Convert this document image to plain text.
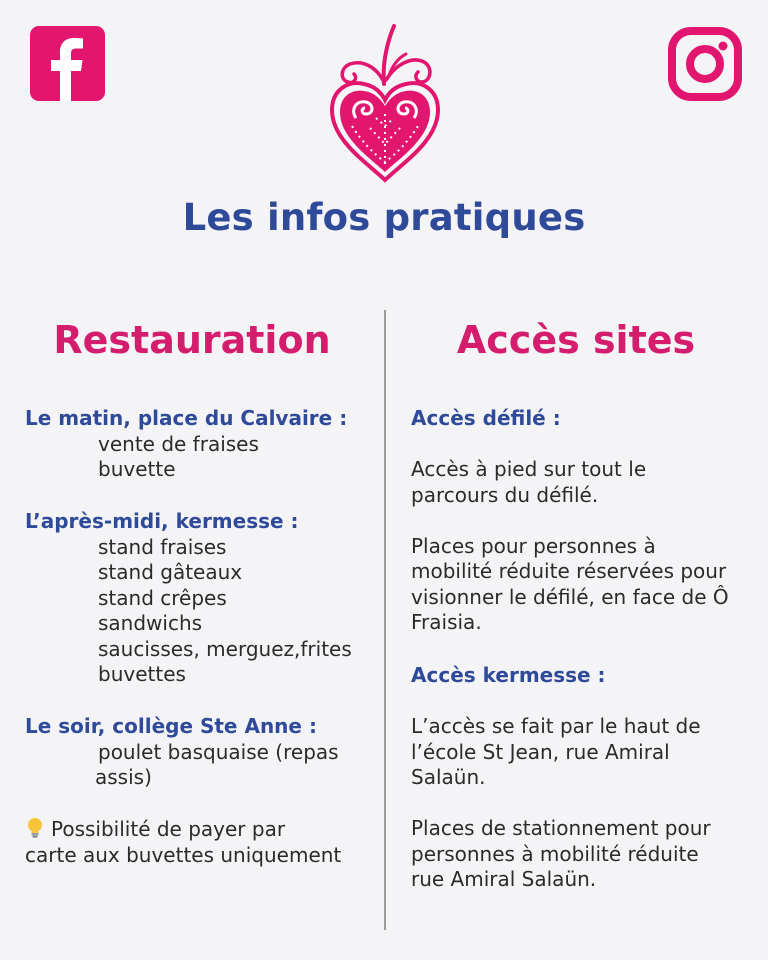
Les infos pratiques
Restauration
Le matin, place du Calvaire :
vente de fraises
buvette
L’après-midi, kermesse :
stand fraises
stand gâteaux
stand crêpes
sandwichs
saucisses, merguez,frites
buvettes
Le soir, collège Ste Anne :
poulet basquaise (repas
assis)
Possibilité de payer par
carte aux buvettes uniquement
Accès sites
Accès défilé :
Accès à pied sur tout le
parcours du défilé.
Places pour personnes à
mobilité réduite réservées pour
visionner le défilé, en face de Ô
Fraisia.
Accès kermesse :
L’accès se fait par le haut de
l’école St Jean, rue Amiral
Salaün.
Places de stationnement pour
personnes à mobilité réduite
rue Amiral Salaün.
